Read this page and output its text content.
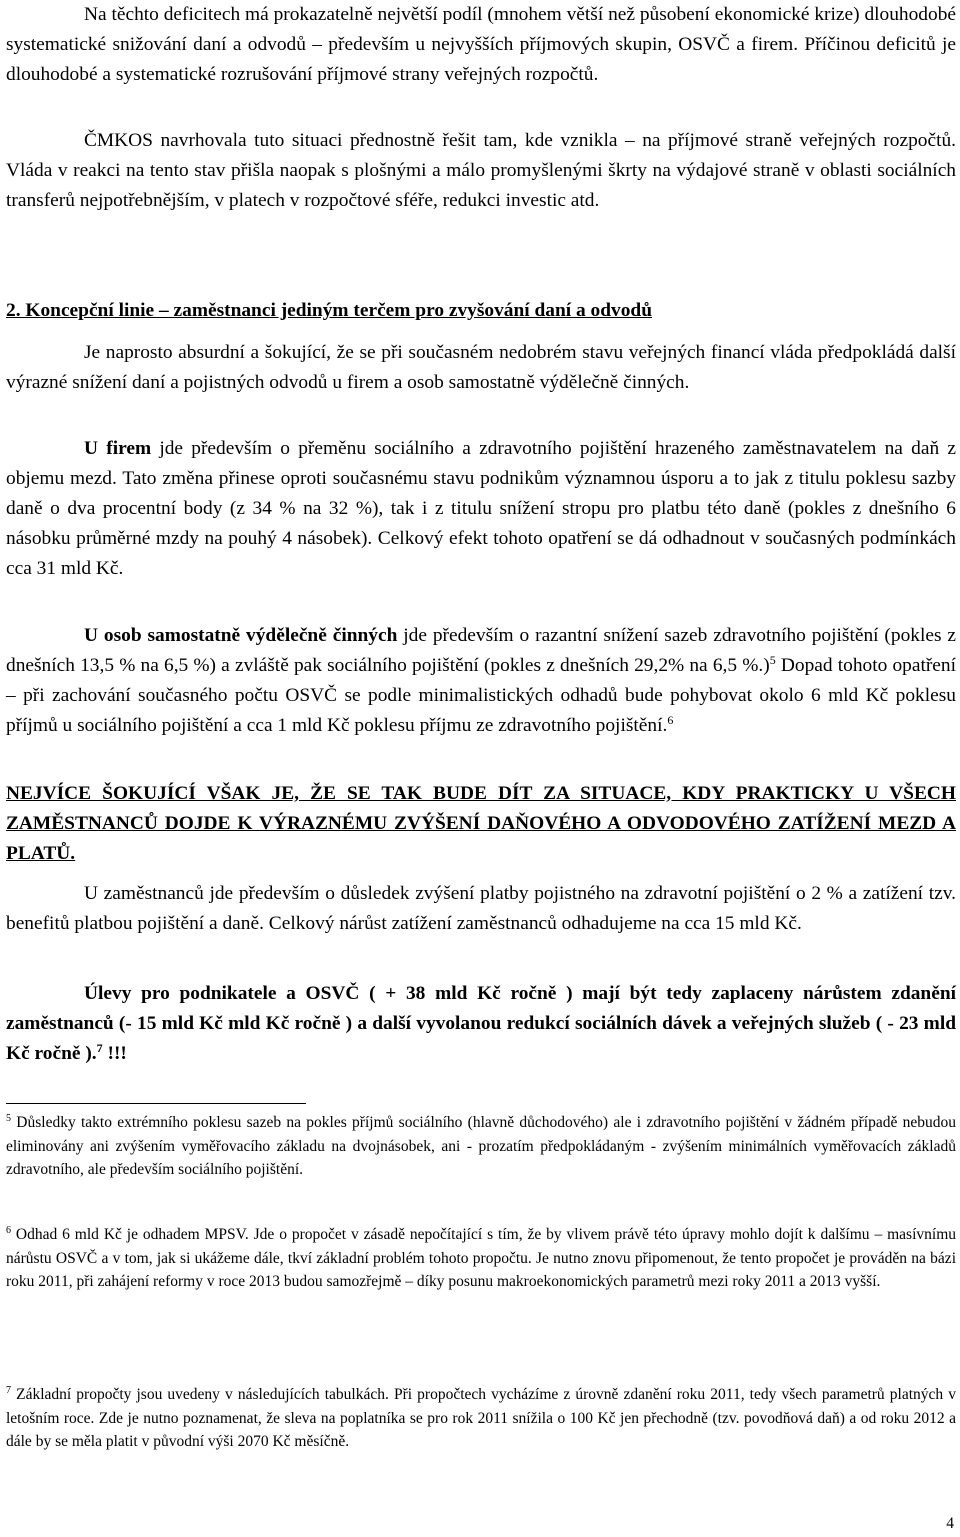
Na těchto deficitech má prokazatelně největší podíl (mnohem větší než působení ekonomické krize) dlouhodobé systematické snižování daní a odvodů – především u nejvyšších příjmových skupin, OSVČ a firem. Příčinou deficitů je dlouhodobé a systematické rozrušování příjmové strany veřejných rozpočtů.

ČMKOS navrhovala tuto situaci přednostně řešit tam, kde vznikla – na příjmové straně veřejných rozpočtů. Vláda v reakci na tento stav přišla naopak s plošnými a málo promyšlenými škrty na výdajové straně v oblasti sociálních transferů nejpotřebnějším, v platech v rozpočtové sféře, redukci investic atd.

2. Koncepční linie – zaměstnanci jediným terčem pro zvyšování daní a odvodů

Je naprosto absurdní a šokující, že se při současném nedobrém stavu veřejných financí vláda předpokládá další výrazné snížení daní a pojistných odvodů u firem a osob samostatně výdělečně činných.

U firem jde především o přeměnu sociálního a zdravotního pojištění hrazeného zaměstnavatelem na daň z objemu mezd. Tato změna přinese oproti současnému stavu podnikům významnou úsporu a to jak z titulu poklesu sazby daně o dva procentní body (z 34 % na 32 %), tak i z titulu snížení stropu pro platbu této daně (pokles z dnešního 6 násobku průměrné mzdy na pouhý 4 násobek). Celkový efekt tohoto opatření se dá odhadnout v současných podmínkách cca 31 mld Kč.

U osob samostatně výdělečně činných jde především o razantní snížení sazeb zdravotního pojištění (pokles z dnešních 13,5 % na 6,5 %) a zvláště pak sociálního pojištění (pokles z dnešních 29,2% na 6,5 %.)$^5$ Dopad tohoto opatření – při zachování současného počtu OSVČ se podle minimalistických odhadů bude pohybovat okolo 6 mld Kč poklesu příjmů u sociálního pojištění a cca 1 mld Kč poklesu příjmu ze zdravotního pojištění.$^6$

NEJVÍCE ŠOKUJÍCÍ VŠAK JE, ŽE SE TAK BUDE DÍT ZA SITUACE, KDY PRAKTICKY U VŠECH ZAMĚSTNANCŮ DOJDE K VÝRAZNÉMU ZVÝŠENÍ DAŇOVÉHO A ODVODOVÉHO ZATÍŽENÍ MEZD A PLATŮ.

U zaměstnanců jde především o důsledek zvýšení platby pojistného na zdravotní pojištění o 2 % a zatížení tzv. benefitů platbou pojištění a daně. Celkový nárůst zatížení zaměstnanců odhadujeme na cca 15 mld Kč.

Úlevy pro podnikatele a OSVČ ( + 38 mld Kč ročně ) mají být tedy zaplaceny nárůstem zdanění zaměstnanců (- 15 mld Kč mld Kč ročně ) a další vyvolanou redukcí sociálních dávek a veřejných služeb ( - 23 mld Kč ročně ).$^7$ !!!

$^5$ Důsledky takto extrémního poklesu sazeb na pokles příjmů sociálního (hlavně důchodového) ale i zdravotního pojištění v žádném případě nebudou eliminovány ani zvýšením vyměřovacího základu na dvojnásobek, ani - prozatím předpokládaným - zvýšením minimálních vyměřovacích základů zdravotního, ale především sociálního pojištění.

$^6$ Odhad 6 mld Kč je odhadem MPSV. Jde o propočet v zásadě nepočítající s tím, že by vlivem právě této úpravy mohlo dojít k dalšímu – masívnímu nárůstu OSVČ a v tom, jak si ukážeme dále, tkví základní problém tohoto propočtu. Je nutno znovu připomenout, že tento propočet je prováděn na bázi roku 2011, při zahájení reformy v roce 2013 budou samozřejmě – díky posunu makroekonomických parametrů mezi roky 2011 a 2013 vyšší.

$^7$ Základní propočty jsou uvedeny v následujících tabulkách. Při propočtech vycházíme z úrovně zdanění roku 2011, tedy všech parametrů platných v letošním roce. Zde je nutno poznamenat, že sleva na poplatníka se pro rok 2011 snížila o 100 Kč jen přechodně (tzv. povodňová daň) a od roku 2012 a dále by se měla platit v původní výši 2070 Kč měsíčně.

4
